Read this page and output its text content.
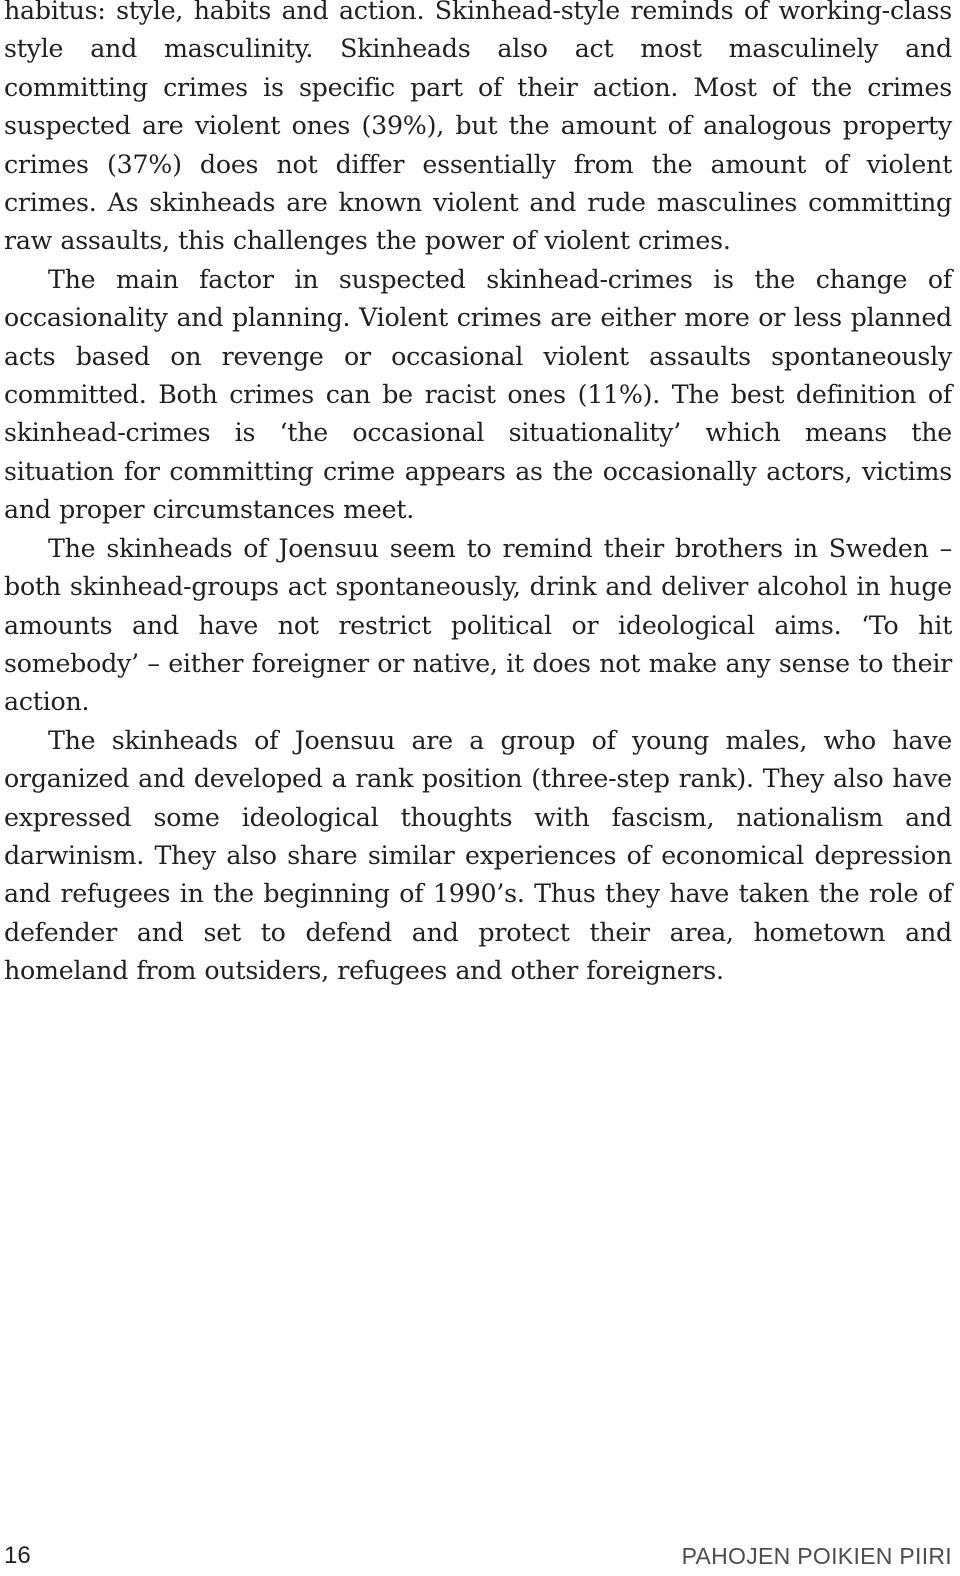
habitus: style, habits and action. Skinhead-style reminds of working-class style and masculinity. Skinheads also act most masculinely and committing crimes is specific part of their action. Most of the crimes suspected are violent ones (39%), but the amount of analogous property crimes (37%) does not differ essentially from the amount of violent crimes. As skinheads are known violent and rude masculines committing raw assaults, this challenges the power of violent crimes.

The main factor in suspected skinhead-crimes is the change of occasionality and planning. Violent crimes are either more or less planned acts based on revenge or occasional violent assaults spontaneously committed. Both crimes can be racist ones (11%). The best definition of skinhead-crimes is ‘the occasional situationality’ which means the situation for committing crime appears as the occasionally actors, victims and proper circumstances meet.

The skinheads of Joensuu seem to remind their brothers in Sweden – both skinhead-groups act spontaneously, drink and deliver alcohol in huge amounts and have not restrict political or ideological aims. ‘To hit somebody’ – either foreigner or native, it does not make any sense to their action.

The skinheads of Joensuu are a group of young males, who have organized and developed a rank position (three-step rank). They also have expressed some ideological thoughts with fascism, nationalism and darwinism. They also share similar experiences of economical depression and refugees in the beginning of 1990’s. Thus they have taken the role of defender and set to defend and protect their area, hometown and homeland from outsiders, refugees and other foreigners.

16	PAHOJEN POIKIEN PIIRI
